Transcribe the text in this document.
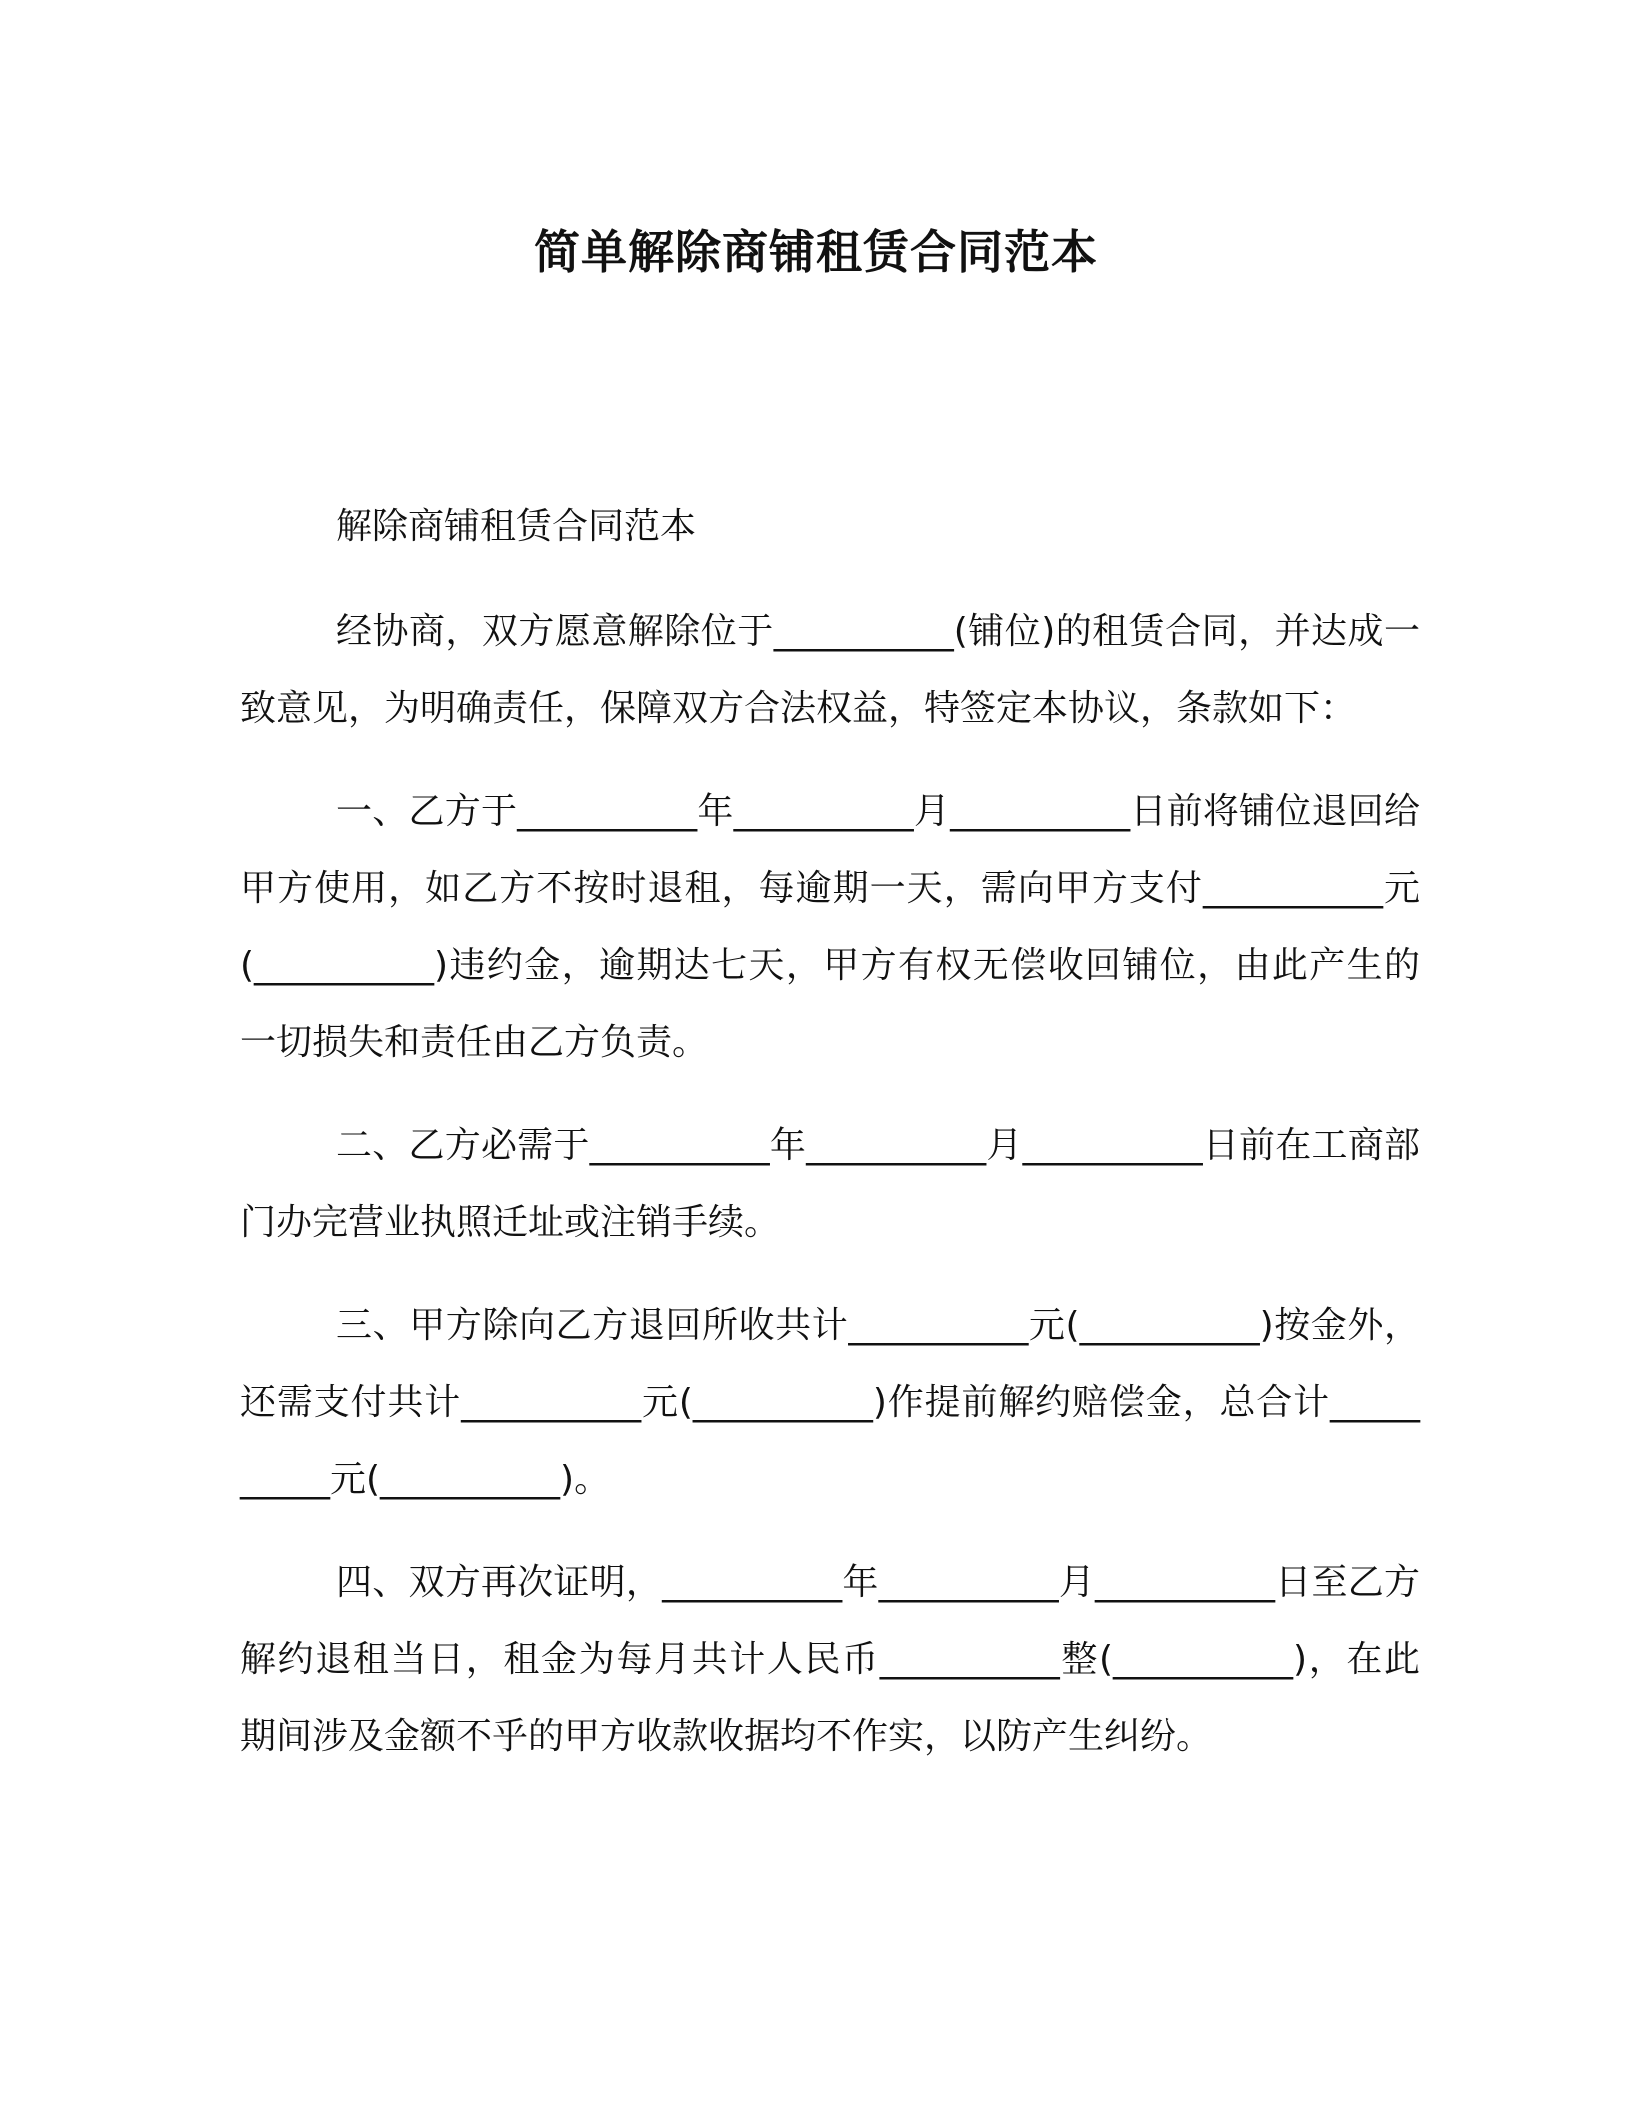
简单解除商铺租赁合同范本

解除商铺租赁合同范本

经协商，双方愿意解除位于__________(铺位)的租赁合同，并达成一致意见，为明确责任，保障双方合法权益，特签定本协议，条款如下：

一、乙方于__________年__________月__________日前将铺位退回给甲方使用，如乙方不按时退租，每逾期一天，需向甲方支付__________元(__________)违约金，逾期达七天，甲方有权无偿收回铺位，由此产生的一切损失和责任由乙方负责。

二、乙方必需于__________年__________月__________日前在工商部门办完营业执照迁址或注销手续。

三、甲方除向乙方退回所收共计__________元(__________)按金外，还需支付共计__________元(__________)作提前解约赔偿金，总合计__________元(__________)。

四、双方再次证明，__________年__________月__________日至乙方解约退租当日，租金为每月共计人民币__________整(__________)，在此期间涉及金额不乎的甲方收款收据均不作实，以防产生纠纷。
